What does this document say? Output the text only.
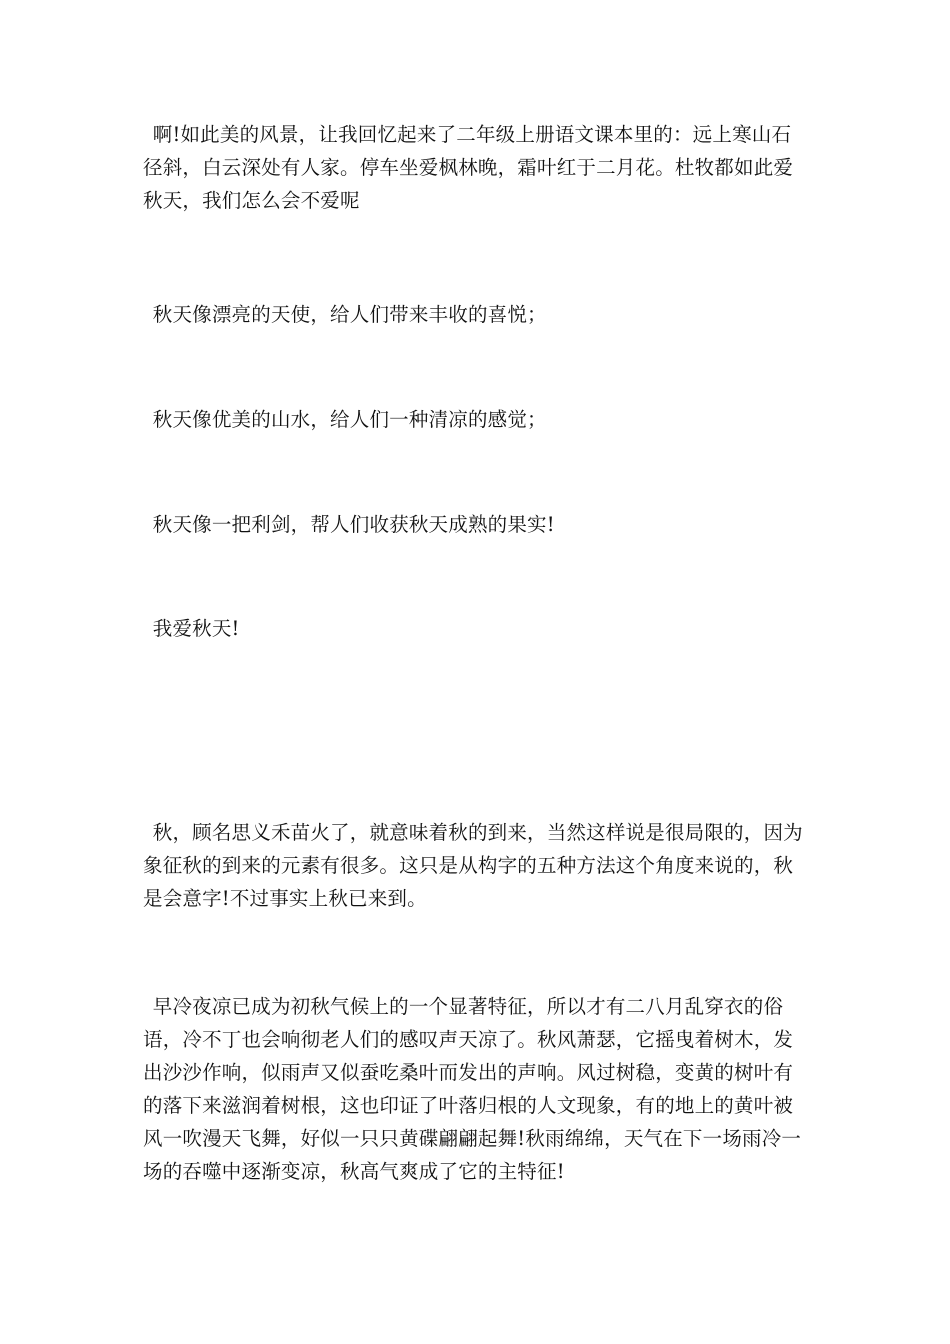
啊!如此美的风景，让我回忆起来了二年级上册语文课本里的：远上寒山石径斜，白云深处有人家。停车坐爱枫林晚，霜叶红于二月花。杜牧都如此爱秋天，我们怎么会不爱呢

秋天像漂亮的天使，给人们带来丰收的喜悦；

秋天像优美的山水，给人们一种清凉的感觉；

秋天像一把利剑，帮人们收获秋天成熟的果实!

我爱秋天!

秋，顾名思义禾苗火了，就意味着秋的到来，当然这样说是很局限的，因为象征秋的到来的元素有很多。这只是从构字的五种方法这个角度来说的，秋是会意字!不过事实上秋已来到。

早冷夜凉已成为初秋气候上的一个显著特征，所以才有二八月乱穿衣的俗语，冷不丁也会响彻老人们的感叹声天凉了。秋风萧瑟，它摇曳着树木，发出沙沙作响，似雨声又似蚕吃桑叶而发出的声响。风过树稳，变黄的树叶有的落下来滋润着树根，这也印证了叶落归根的人文现象，有的地上的黄叶被风一吹漫天飞舞，好似一只只黄碟翩翩起舞!秋雨绵绵，天气在下一场雨冷一场的吞噬中逐渐变凉，秋高气爽成了它的主特征!
